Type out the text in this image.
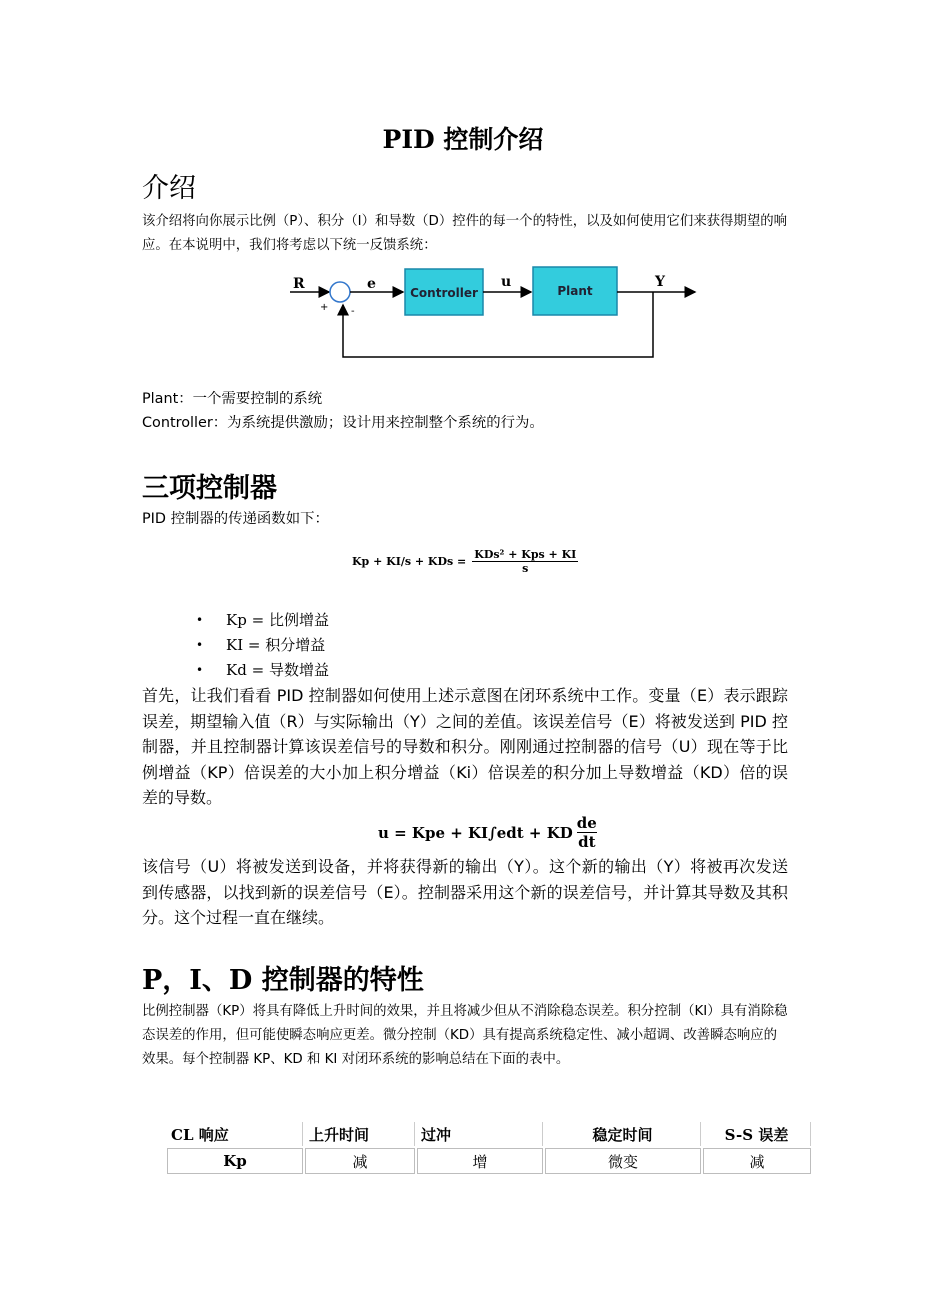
PID 控制介绍
介绍

该介绍将向你展示比例（P）、积分（I）和导数（D）控件的每一个的特性，以及如何使用它们来获得期望的响应。在本说明中，我们将考虑以下统一反馈系统：

R
+ -
e	u	Y
Controller	Plant
Plant：一个需要控制的系统
Controller：为系统提供激励；设计用来控制整个系统的行为。
三项控制器
PID 控制器的传递函数如下：
Kp + KI/s + KDs =
KDs² + Kps + KI
s
•	Kp =
比例增益
•	KI =
积分增益
•	Kd =
导数增益

首先，让我们看看 PID 控制器如何使用上述示意图在闭环系统中工作。变量（E）表示跟踪误差，期望输入值（R）与实际输出（Y）之间的差值。该误差信号（E）将被发送到 PID 控制器，并且控制器计算该误差信号的导数和积分。刚刚通过控制器的信号（U）现在等于比例增益（KP）倍误差的大小加上积分增益（Ki）倍误差的积分加上导数增益（KD）倍的误差的导数。

u = Kpe + KI∫edt + KD $\frac{de}{dt}$

该信号（U）将被发送到设备，并将获得新的输出（Y）。这个新的输出（Y）将被再次发送到传感器，以找到新的误差信号（E）。控制器采用这个新的误差信号，并计算其导数及其积分。这个过程一直在继续。

P，I、D 控制器的特性

比例控制器（KP）将具有降低上升时间的效果，并且将减少但从不消除稳态误差。积分控制（KI）具有消除稳态误差的作用，但可能使瞬态响应更差。微分控制（KD）具有提高系统稳定性、减小超调、改善瞬态响应的效果。每个控制器 KP、KD 和 KI 对闭环系统的影响总结在下面的表中。

CL 响应	上升时间	过冲	稳定时间	S-S 误差
Kp	减	增	微变	减
